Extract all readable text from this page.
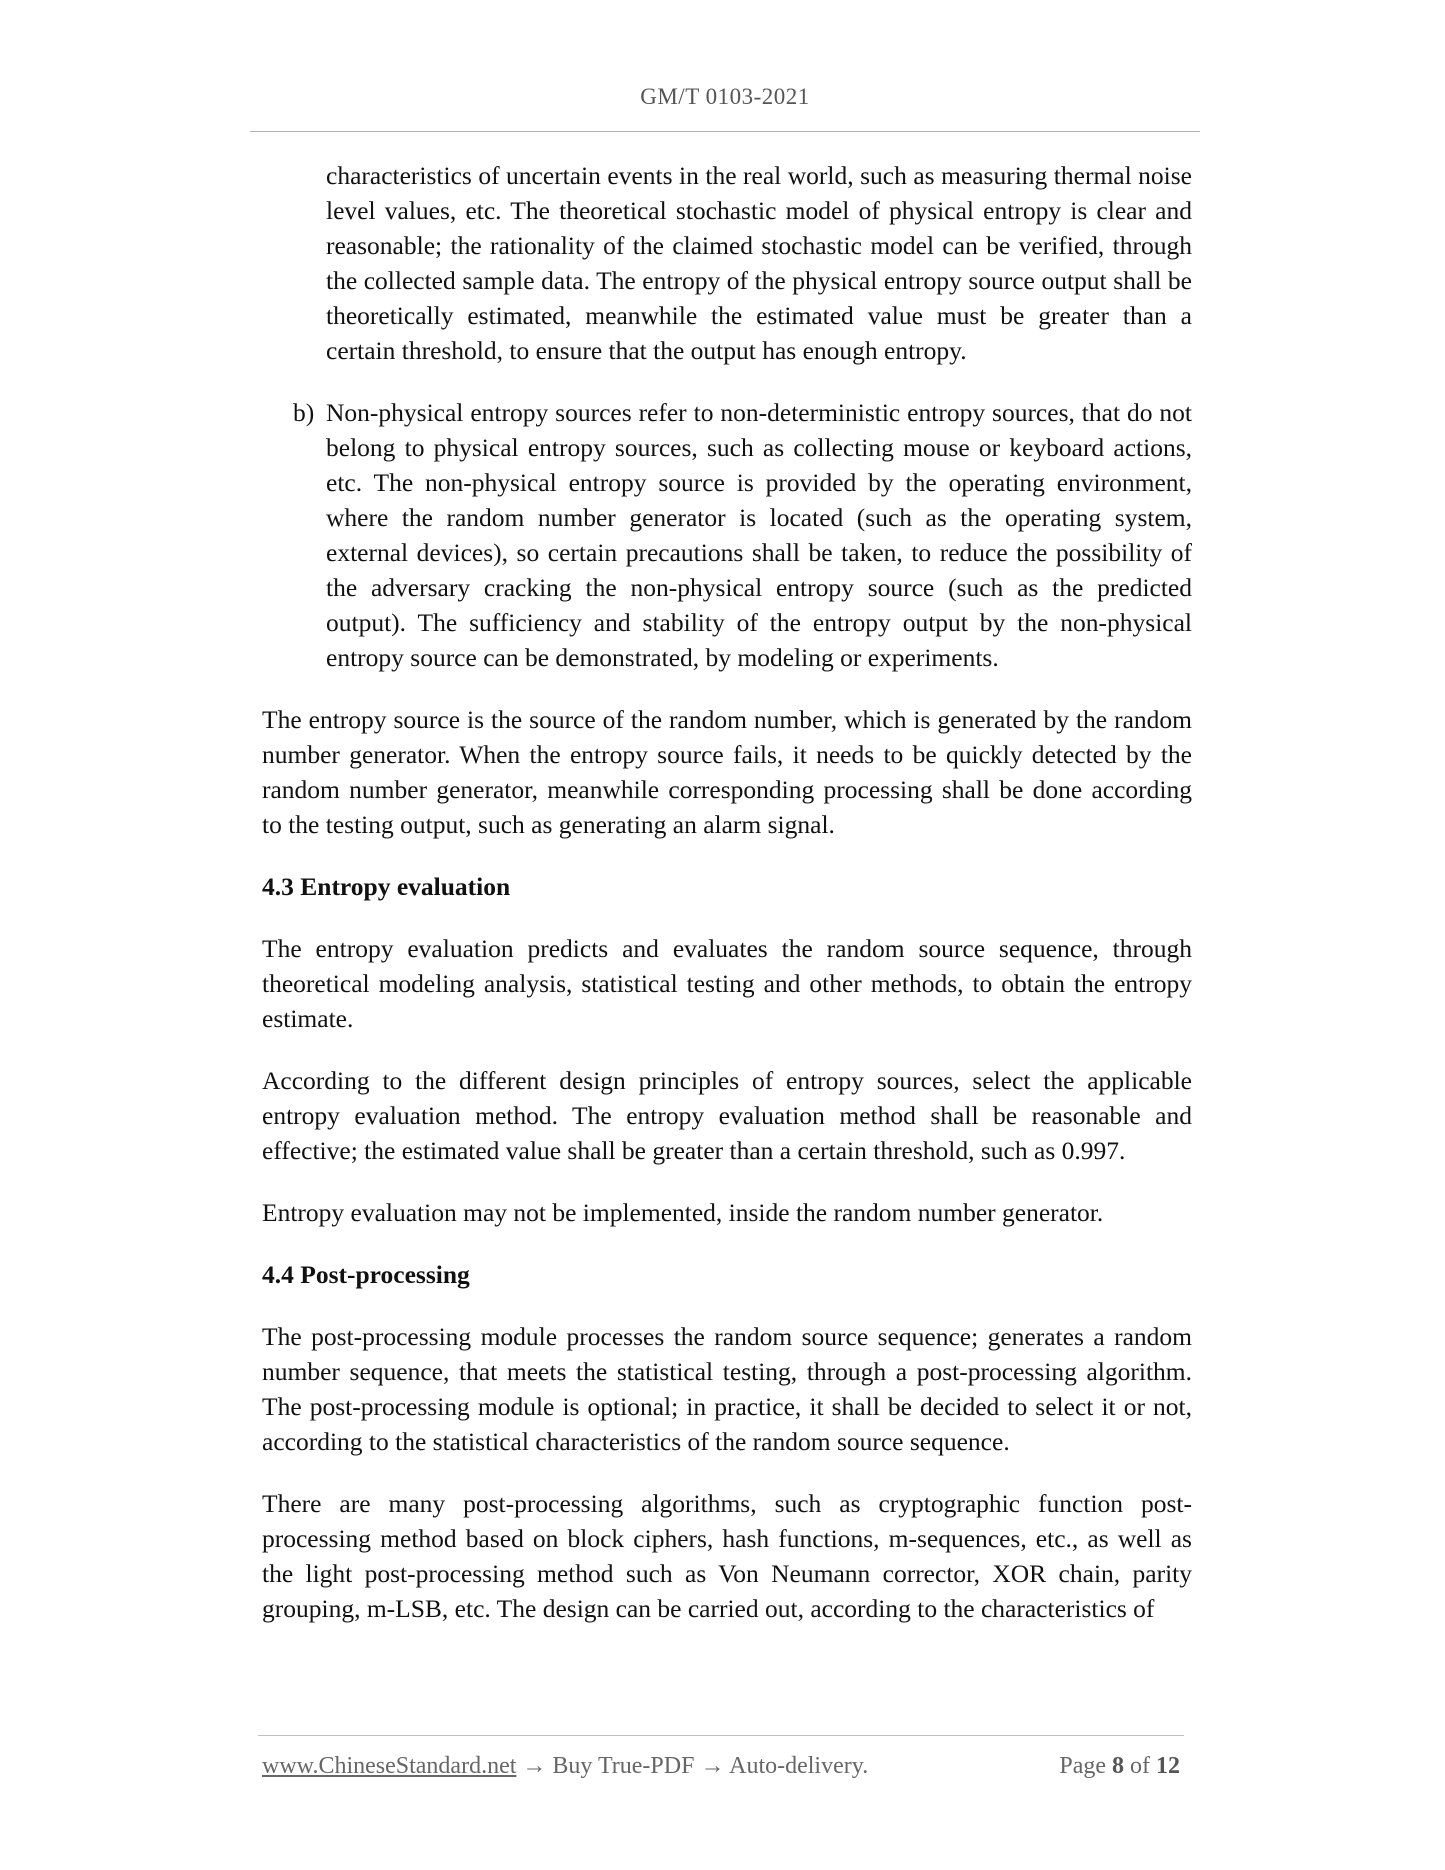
GM/T 0103-2021
characteristics of uncertain events in the real world, such as measuring thermal noise level values, etc. The theoretical stochastic model of physical entropy is clear and reasonable; the rationality of the claimed stochastic model can be verified, through the collected sample data. The entropy of the physical entropy source output shall be theoretically estimated, meanwhile the estimated value must be greater than a certain threshold, to ensure that the output has enough entropy.
b) Non-physical entropy sources refer to non-deterministic entropy sources, that do not belong to physical entropy sources, such as collecting mouse or keyboard actions, etc. The non-physical entropy source is provided by the operating environment, where the random number generator is located (such as the operating system, external devices), so certain precautions shall be taken, to reduce the possibility of the adversary cracking the non-physical entropy source (such as the predicted output). The sufficiency and stability of the entropy output by the non-physical entropy source can be demonstrated, by modeling or experiments.

The entropy source is the source of the random number, which is generated by the random number generator. When the entropy source fails, it needs to be quickly detected by the random number generator, meanwhile corresponding processing shall be done according to the testing output, such as generating an alarm signal.

4.3 Entropy evaluation

The entropy evaluation predicts and evaluates the random source sequence, through theoretical modeling analysis, statistical testing and other methods, to obtain the entropy estimate.

According to the different design principles of entropy sources, select the applicable entropy evaluation method. The entropy evaluation method shall be reasonable and effective; the estimated value shall be greater than a certain threshold, such as 0.997.

Entropy evaluation may not be implemented, inside the random number generator.

4.4 Post-processing

The post-processing module processes the random source sequence; generates a random number sequence, that meets the statistical testing, through a post-processing algorithm. The post-processing module is optional; in practice, it shall be decided to select it or not, according to the statistical characteristics of the random source sequence.

There are many post-processing algorithms, such as cryptographic function post-processing method based on block ciphers, hash functions, m-sequences, etc., as well as the light post-processing method such as Von Neumann corrector, XOR chain, parity grouping, m-LSB, etc. The design can be carried out, according to the characteristics of

www.ChineseStandard.net → Buy True-PDF → Auto-delivery.	Page 8 of 12
